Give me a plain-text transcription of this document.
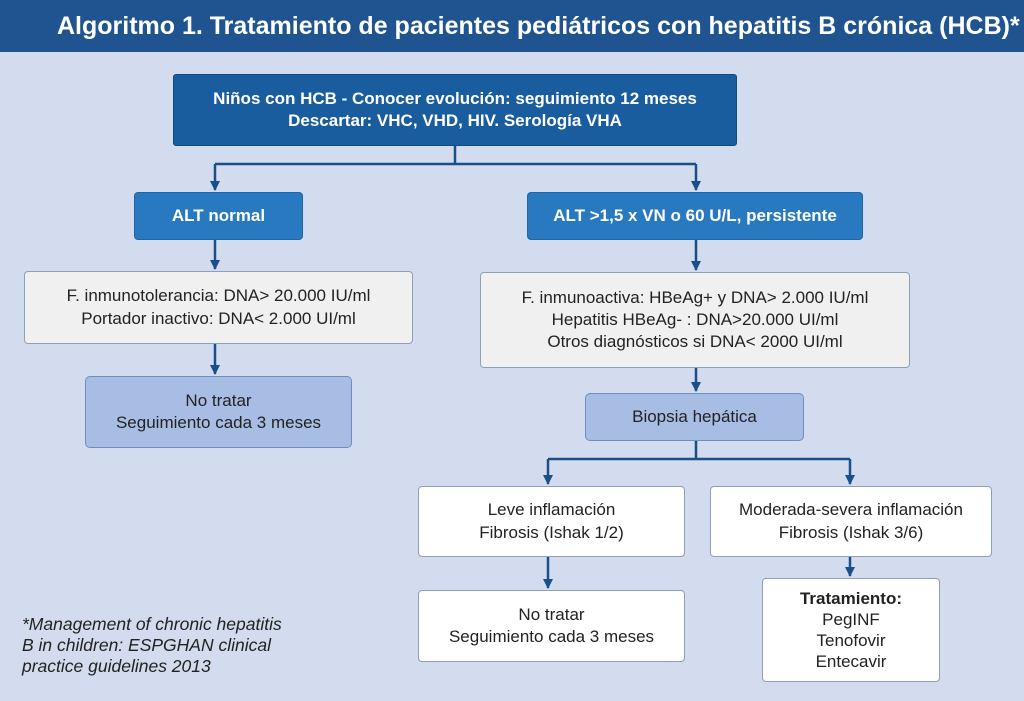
Algoritmo 1. Tratamiento de pacientes pediátricos con hepatitis B crónica (HCB)*
Niños con HCB - Conocer evolución: seguimiento 12 meses
Descartar: VHC, VHD, HIV. Serología VHA
ALT normal	ALT >1,5 x VN o 60 U/L, persistente
F. inmunotolerancia: DNA> 20.000 IU/ml
Portador inactivo: DNA< 2.000 UI/ml
F. inmunoactiva: HBeAg+ y DNA> 2.000 IU/ml
Hepatitis HBeAg- : DNA>20.000 UI/ml
Otros diagnósticos si DNA< 2000 UI/ml
No tratar
Seguimiento cada 3 meses	Biopsia hepática
Leve inflamación
Fibrosis (Ishak 1/2)
Moderada-severa inflamación
Fibrosis (Ishak 3/6)
No tratar
Seguimiento cada 3 meses
Tratamiento:
PegINF
Tenofovir
Entecavir
*Management of chronic hepatitis
B in children: ESPGHAN clinical
practice guidelines 2013
